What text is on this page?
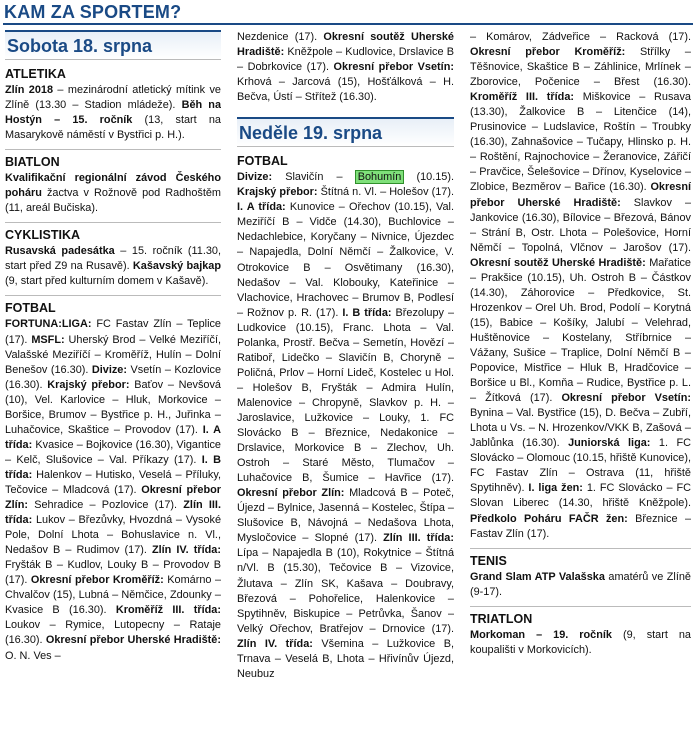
KAM ZA SPORTEM?
Sobota 18. srpna
ATLETIKA

Zlín 2018 – mezinárodní atletický mítink ve Zlíně (13.30 – Stadion mládeže). Běh na Hostýn – 15. ročník (13, start na Masarykově náměstí v Bystřici p. H.).

BIATLON

Kvalifikační regionální závod Českého poháru žactva v Rožnově pod Radhoštěm (11, areál Bučiska).

CYKLISTIKA

Rusavská padesátka – 15. ročník (11.30, start před Z9 na Rusavě). Kašavský bajkap (9, start před kulturním domem v Kašavě).

FOTBAL

FORTUNA:LIGA: FC Fastav Zlín – Teplice (17). MSFL: Uherský Brod – Velké Meziříčí, Valašské Meziříčí – Kroměříž, Hulín – Dolní Benešov (16.30). Divize: Vsetín – Kozlovice (16.30). Krajský přebor: Baťov – Nevšová (10), Vel. Karlovice – Hluk, Morkovice – Boršice, Brumov – Bystřice p. H., Juřinka – Luhačovice, Skaštice – Provodov (17). I. A třída: Kvasice – Bojkovice (16.30), Vigantice – Kelč, Slušovice – Val. Příkazy (17). I. B třída: Halenkov – Hutisko, Veselá – Příluky, Tečovice – Mladcová (17). Okresní přebor Zlín: Sehradice – Pozlovice (17). Zlín III. třída: Lukov – Březůvky, Hvozdná – Vysoké Pole, Dolní Lhota – Bohuslavice n. Vl., Nedašov B – Rudimov (17). Zlín IV. třída: Fryšták B – Kudlov, Louky B – Provodov B (17). Okresní přebor Kroměříž: Komárno – Chvalčov (15), Lubná – Němčice, Zdounky – Kvasice B (16.30). Kroměříž III. třída: Loukov – Rymice, Lutopecny – Rataje (16.30). Okresní přebor Uherské Hradiště: O. N. Ves –

Nezdenice (17). Okresní soutěž Uherské Hradiště: Kněžpole – Kudlovice, Drslavice B – Dobrkovice (17). Okresní přebor Vsetín: Krhová – Jarcová (15), Hošťálková – H. Bečva, Ústí – Střítež (16.30).

Neděle 19. srpna
FOTBAL

Divize: Slavičín – Bohumín (10.15). Krajský přebor: Štítná n. Vl. – Holešov (17). I. A třída: Kunovice – Ořechov (10.15), Val. Meziříčí B – Vidče (14.30), Buchlovice – Nedachlebice, Koryčany – Nivnice, Újezdec – Napajedla, Dolní Němčí – Žalkovice, V. Otrokovice B – Osvětimany (16.30), Nedašov – Val. Klobouky, Kateřinice – Vlachovice, Hrachovec – Brumov B, Podlesí – Rožnov p. R. (17). I. B třída: Březolupy – Ludkovice (10.15), Franc. Lhota – Val. Polanka, Prostř. Bečva – Semetín, Hovězí – Ratiboř, Lidečko – Slavičín B, Choryně – Poličná, Prlov – Horní Lideč, Kostelec u Hol. – Holešov B, Fryšták – Admira Hulín, Malenovice – Chropyně, Slavkov p. H. – Jaroslavice, Lužkovice – Louky, 1. FC Slovácko B – Březnice, Nedakonice – Drslavice, Morkovice B – Zlechov, Uh. Ostroh – Staré Město, Tlumačov – Luhačovice B, Šumice – Havřice (17). Okresní přebor Zlín: Mladcová B – Poteč, Újezd – Bylnice, Jasenná – Kostelec, Štípa – Slušovice B, Návojná – Nedašova Lhota, Mysločovice – Slopné (17). Zlín III. třída: Lípa – Napajedla B (10), Rokytnice – Štítná n/Vl. B (15.30), Tečovice B – Vizovice, Žlutava – Zlín SK, Kašava – Doubravy, Březová – Pohořelice, Halenkovice – Spytihněv, Biskupice – Petrůvka, Šanov – Velký Ořechov, Bratřejov – Drnovice (17). Zlín IV. třída: Všemina – Lužkovice B, Trnava – Veselá B, Lhota – Hřivínův Újezd, Neubuz

– Komárov, Zádveřice – Racková (17). Okresní přebor Kroměříž: Střílky – Těšnovice, Skaštice B – Záhlinice, Mrlínek – Zborovice, Počenice – Břest (16.30). Kroměříž III. třída: Miškovice – Rusava (13.30), Žalkovice B – Litenčice (14), Prusinovice – Ludslavice, Roštín – Troubky (16.30), Zahnašovice – Tučapy, Hlinsko p. H. – Roštění, Rajnochovice – Žeranovice, Zářičí – Pravčice, Šelešovice – Dřínov, Kyselovice – Zlobice, Bezměrov – Bařice (16.30). Okresní přebor Uherské Hradiště: Slavkov – Jankovice (16.30), Bílovice – Březová, Bánov – Strání B, Ostr. Lhota – Polešovice, Horní Němčí – Topolná, Vlčnov – Jarošov (17). Okresní soutěž Uherské Hradiště: Mařatice – Prakšice (10.15), Uh. Ostroh B – Částkov (14.30), Záhorovice – Předkovice, St. Hrozenkov – Orel Uh. Brod, Podolí – Korytná (15), Babice – Košíky, Jalubí – Velehrad, Huštěnovice – Kostelany, Stříbrnice – Vážany, Sušice – Traplice, Dolní Němčí B – Popovice, Mistřice – Hluk B, Hradčovice – Boršice u Bl., Komňa – Rudice, Bystřice p. L. – Žítková (17). Okresní přebor Vsetín: Bynina – Val. Bystřice (15), D. Bečva – Zubří, Lhota u Vs. – N. Hrozenkov/VKK B, Zašová – Jablůnka (16.30). Juniorská liga: 1. FC Slovácko – Olomouc (10.15, hřiště Kunovice), FC Fastav Zlín – Ostrava (11, hřiště Spytihněv). I. liga žen: 1. FC Slovácko – FC Slovan Liberec (14.30, hřiště Kněžpole). Předkolo Poháru FAČR žen: Březnice – Fastav Zlín (17).

TENIS

Grand Slam ATP Valašska amatérů ve Zlíně (9-17).

TRIATLON

Morkoman – 19. ročník (9, start na koupališti v Morkovicích).
